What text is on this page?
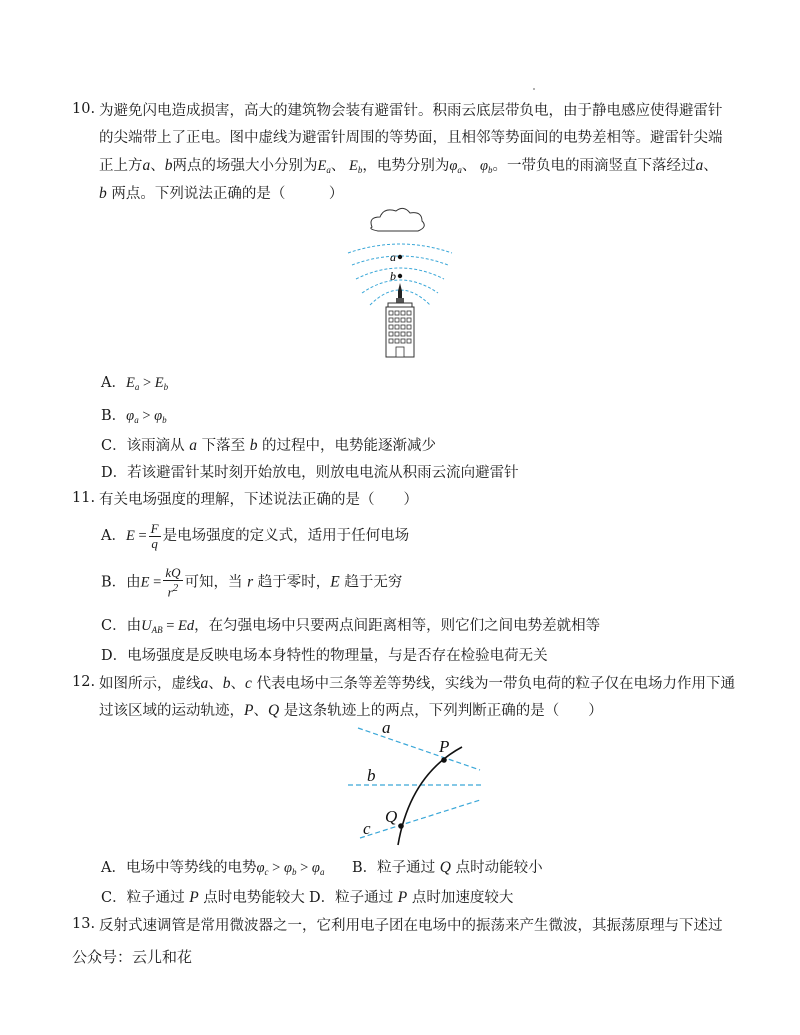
10. 为避免闪电造成损害，高大的建筑物会装有避雷针。积雨云底层带负电，由于静电感应使得避雷针
的尖端带上了正电。图中虚线为避雷针周围的等势面，且相邻等势面间的电势差相等。避雷针尖端
正上方a、b两点的场强大小分别为$E_a$、 $E_b$，电势分别为$\varphi_a$、 $\varphi_b$。一带负电的雨滴竖直下落经过a、
b 两点。下列说法正确的是（　　　）
a
b
A．$E_a > E_b$
B．$\varphi_a > \varphi_b$
C．该雨滴从 a 下落至 b 的过程中，电势能逐渐减少
D．若该避雷针某时刻开始放电，则放电电流从积雨云流向避雷针
11. 有关电场强度的理解，下述说法正确的是（　　）
A．$E = \frac{F}{q}$ 是电场强度的定义式，适用于任何电场
B．由$E = \frac{kQ}{r^2}$ 可知，当 r 趋于零时，E 趋于无穷
C．由$U_{AB} = Ed$，在匀强电场中只要两点间距离相等，则它们之间电势差就相等
D．电场强度是反映电场本身特性的物理量，与是否存在检验电荷无关
12. 如图所示，虚线a、b、c 代表电场中三条等差等势线，实线为一带负电荷的粒子仅在电场力作用下通
过该区域的运动轨迹，P、Q 是这条轨迹上的两点，下列判断正确的是（　　）
a
b
c
P
Q
A．电场中等势线的电势$\varphi_c > \varphi_b > \varphi_a$ B．粒子通过 Q 点时动能较小
C．粒子通过 P 点时电势能较大 D．粒子通过 P 点时加速度较大
13. 反射式速调管是常用微波器之一，它利用电子团在电场中的振荡来产生微波，其振荡原理与下述过
公众号：云儿和花
